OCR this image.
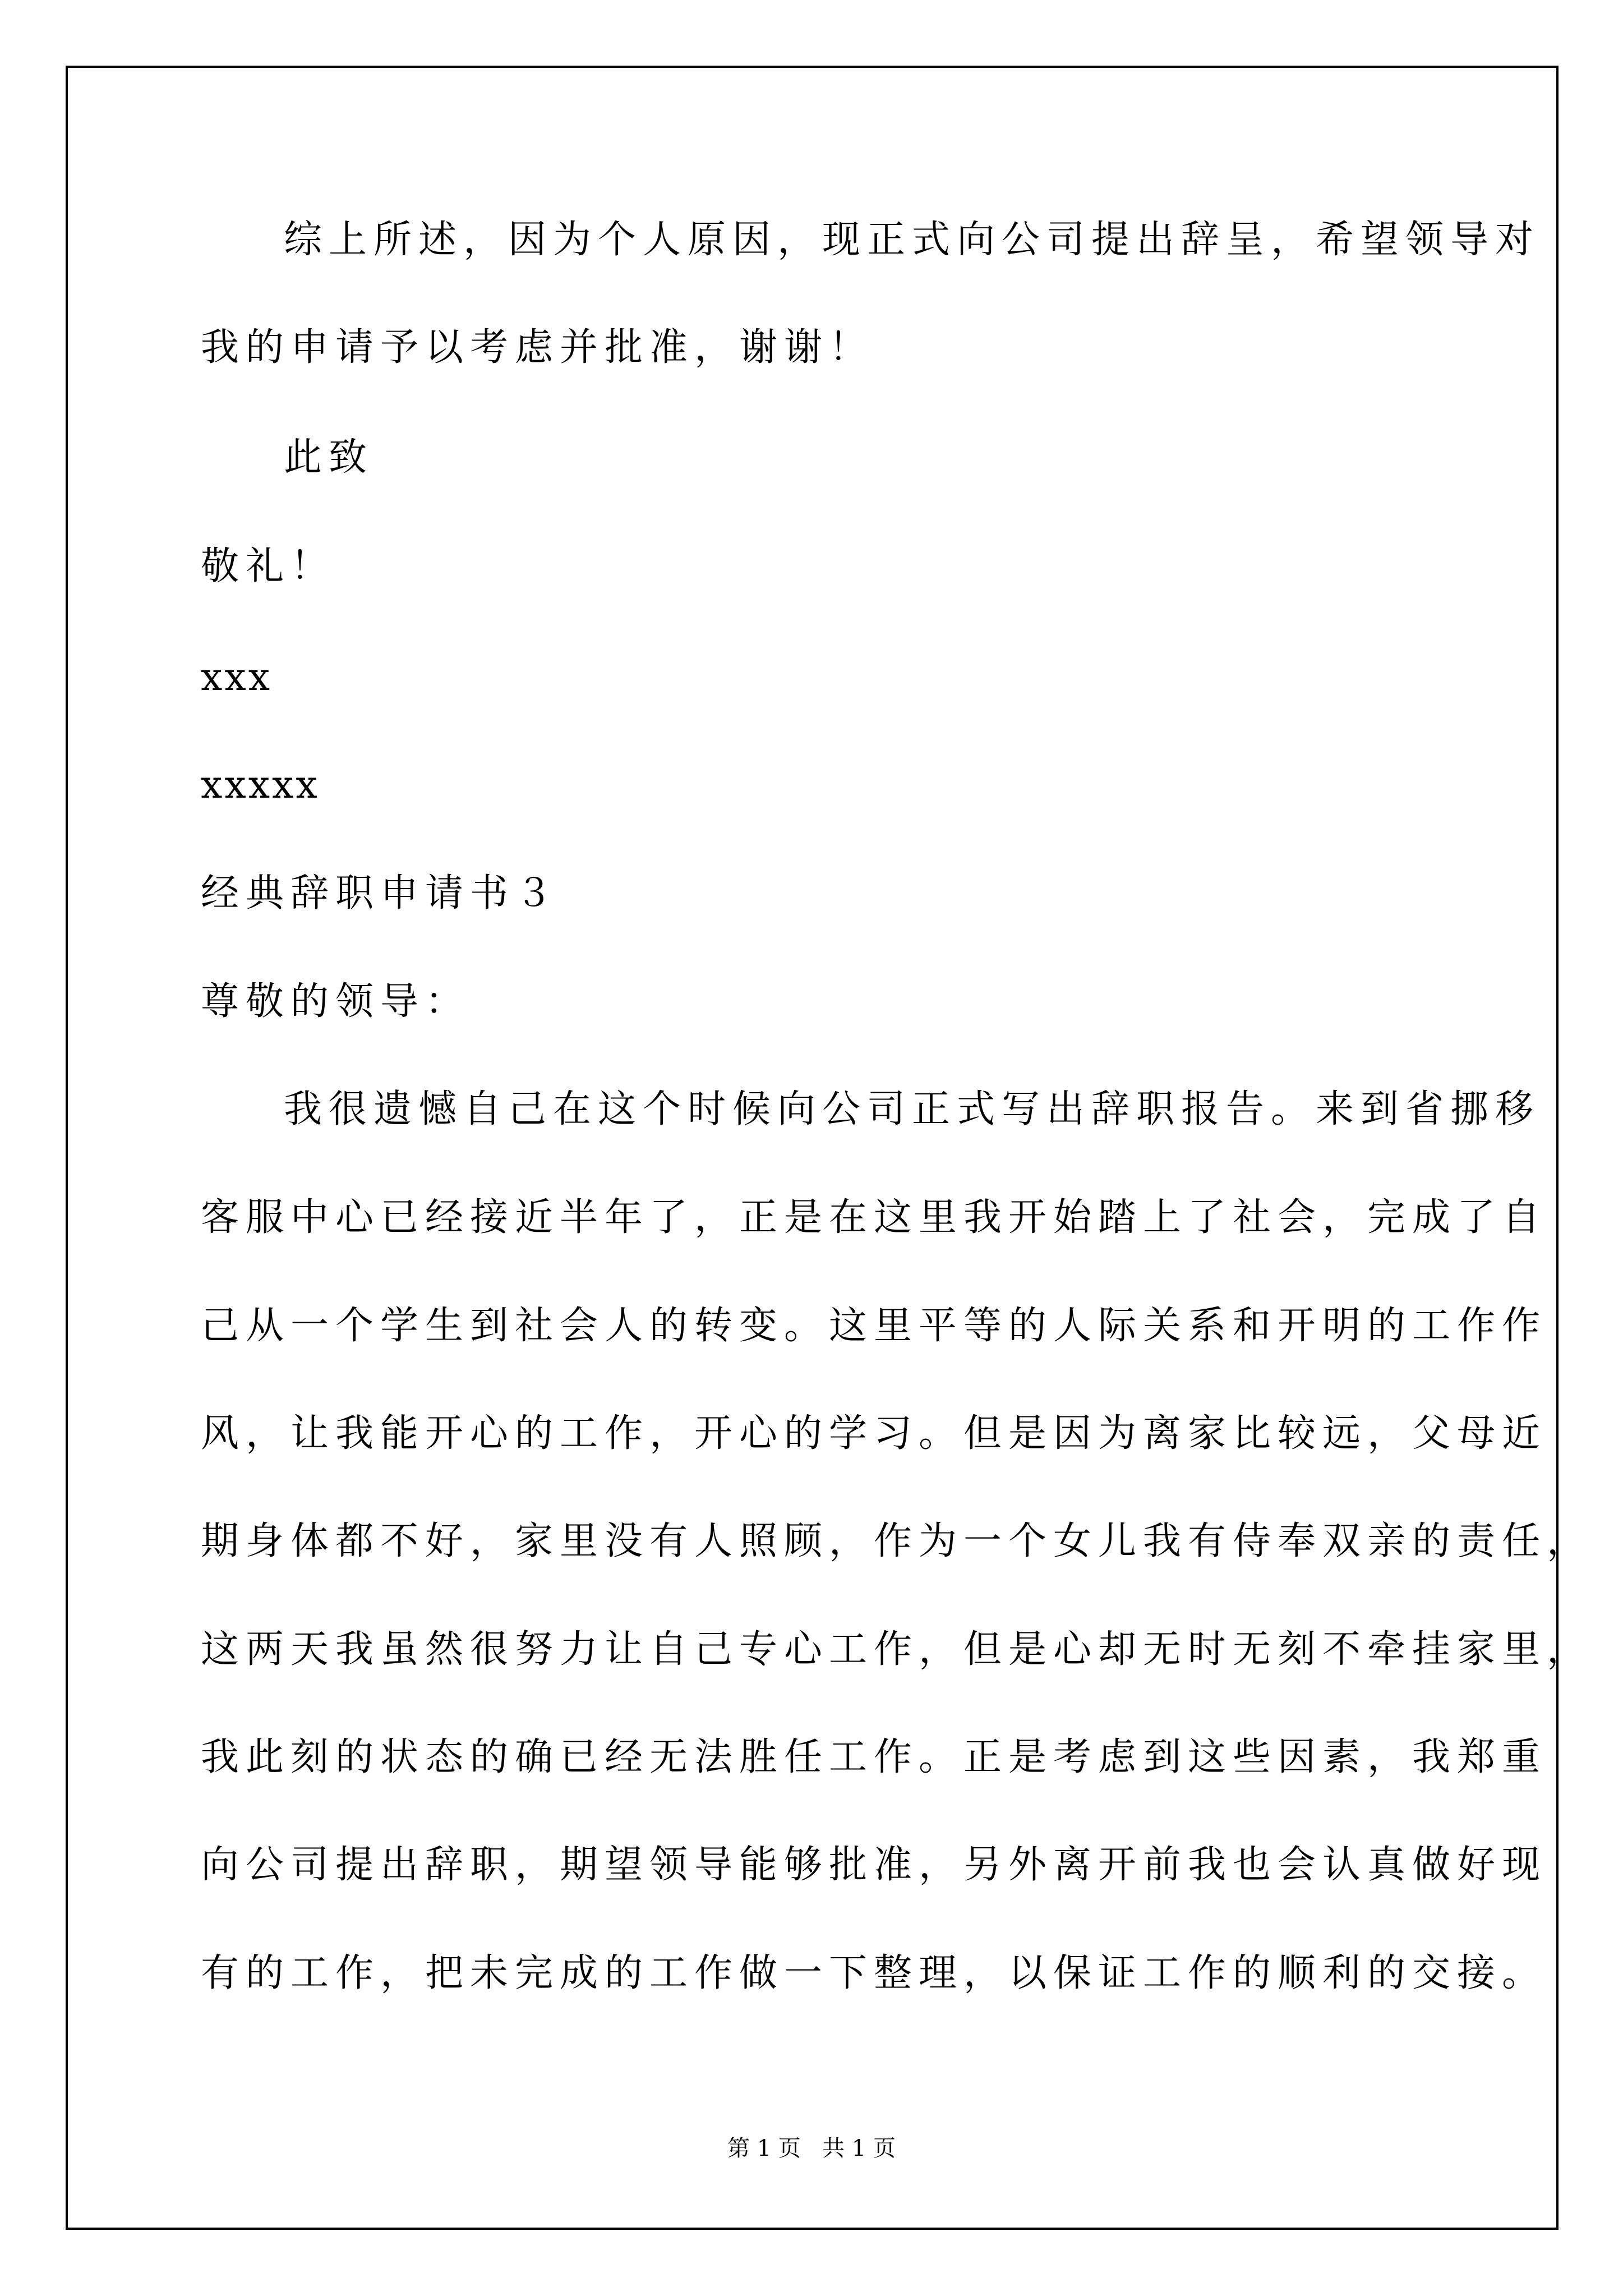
综上所述，因为个人原因，现正式向公司提出辞呈，希望领导对
我的申请予以考虑并批准，谢谢！
此致
敬礼！
xxx
xxxxx
经典辞职申请书３
尊敬的领导：
我很遗憾自己在这个时候向公司正式写出辞职报告。来到省挪移
客服中心已经接近半年了，正是在这里我开始踏上了社会，完成了自
己从一个学生到社会人的转变。这里平等的人际关系和开明的工作作
风，让我能开心的工作，开心的学习。但是因为离家比较远，父母近
期身体都不好，家里没有人照顾，作为一个女儿我有侍奉双亲的责任，
这两天我虽然很努力让自己专心工作，但是心却无时无刻不牵挂家里，
我此刻的状态的确已经无法胜任工作。正是考虑到这些因素，我郑重
向公司提出辞职，期望领导能够批准，另外离开前我也会认真做好现
有的工作，把未完成的工作做一下整理，以保证工作的顺利的交接。
第 1 页   共 1 页
